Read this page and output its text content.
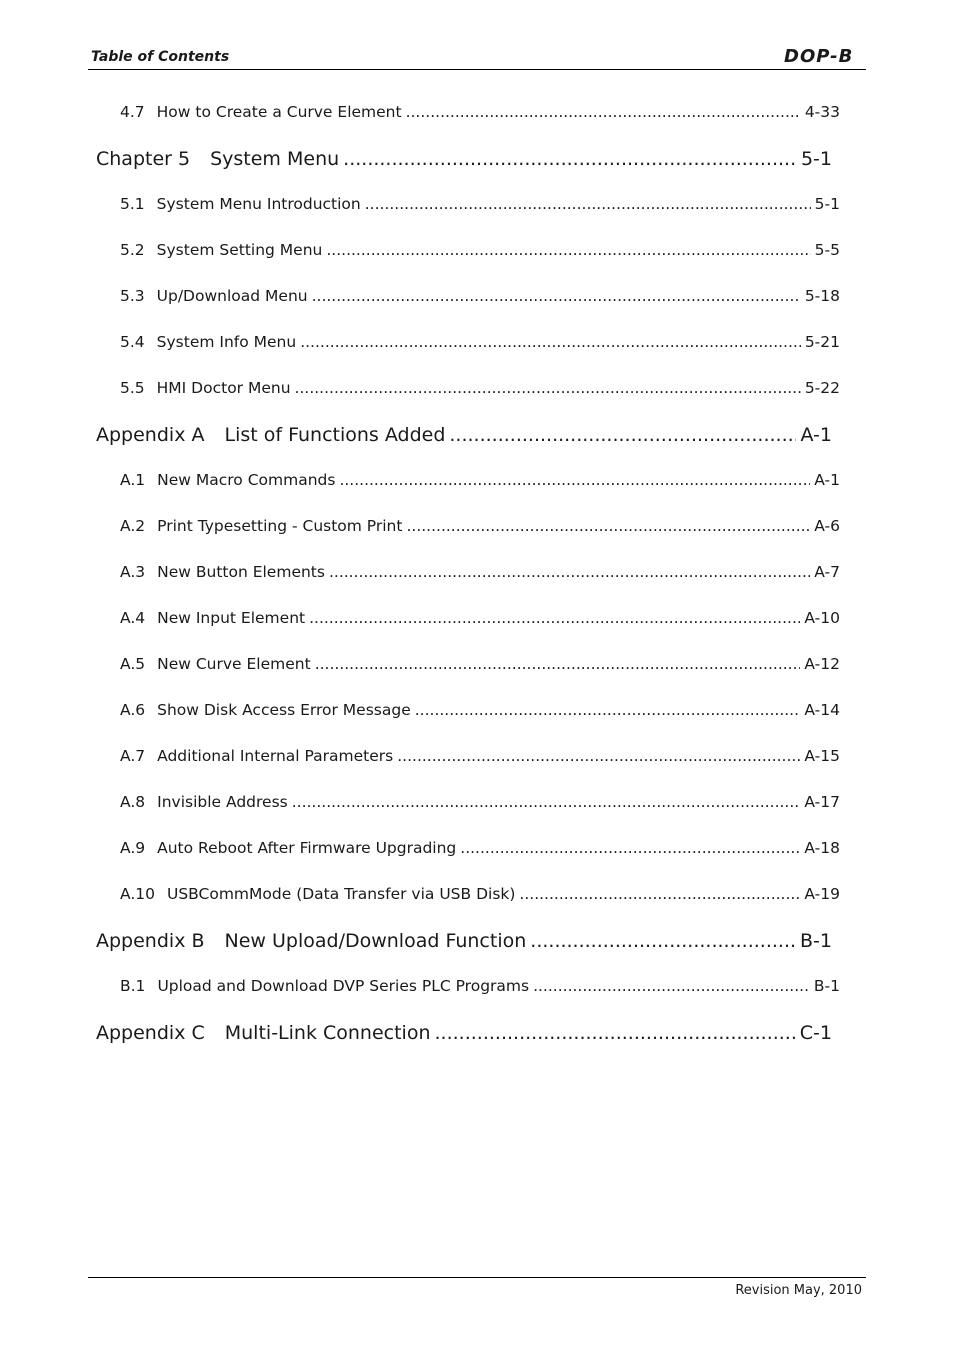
Table of Contents	DOP-B
4.7 How to Create a Curve Element .....	4-33
Chapter 5 System Menu .....	5-1
5.1 System Menu Introduction .....	5-1
5.2 System Setting Menu .....	5-5
5.3 Up/Download Menu .....	5-18
5.4 System Info Menu .....	5-21
5.5 HMI Doctor Menu .....	5-22
Appendix A List of Functions Added .....	A-1
A.1 New Macro Commands .....	A-1
A.2 Print Typesetting - Custom Print .....	A-6
A.3 New Button Elements .....	A-7
A.4 New Input Element .....	A-10
A.5 New Curve Element .....	A-12
A.6 Show Disk Access Error Message .....	A-14
A.7 Additional Internal Parameters .....	A-15
A.8 Invisible Address .....	A-17
A.9 Auto Reboot After Firmware Upgrading .....	A-18
A.10 USBCommMode (Data Transfer via USB Disk) .....	A-19
Appendix B New Upload/Download Function .....	B-1
B.1 Upload and Download DVP Series PLC Programs .....	B-1
Appendix C Multi-Link Connection .....	C-1
Revision May, 2010
